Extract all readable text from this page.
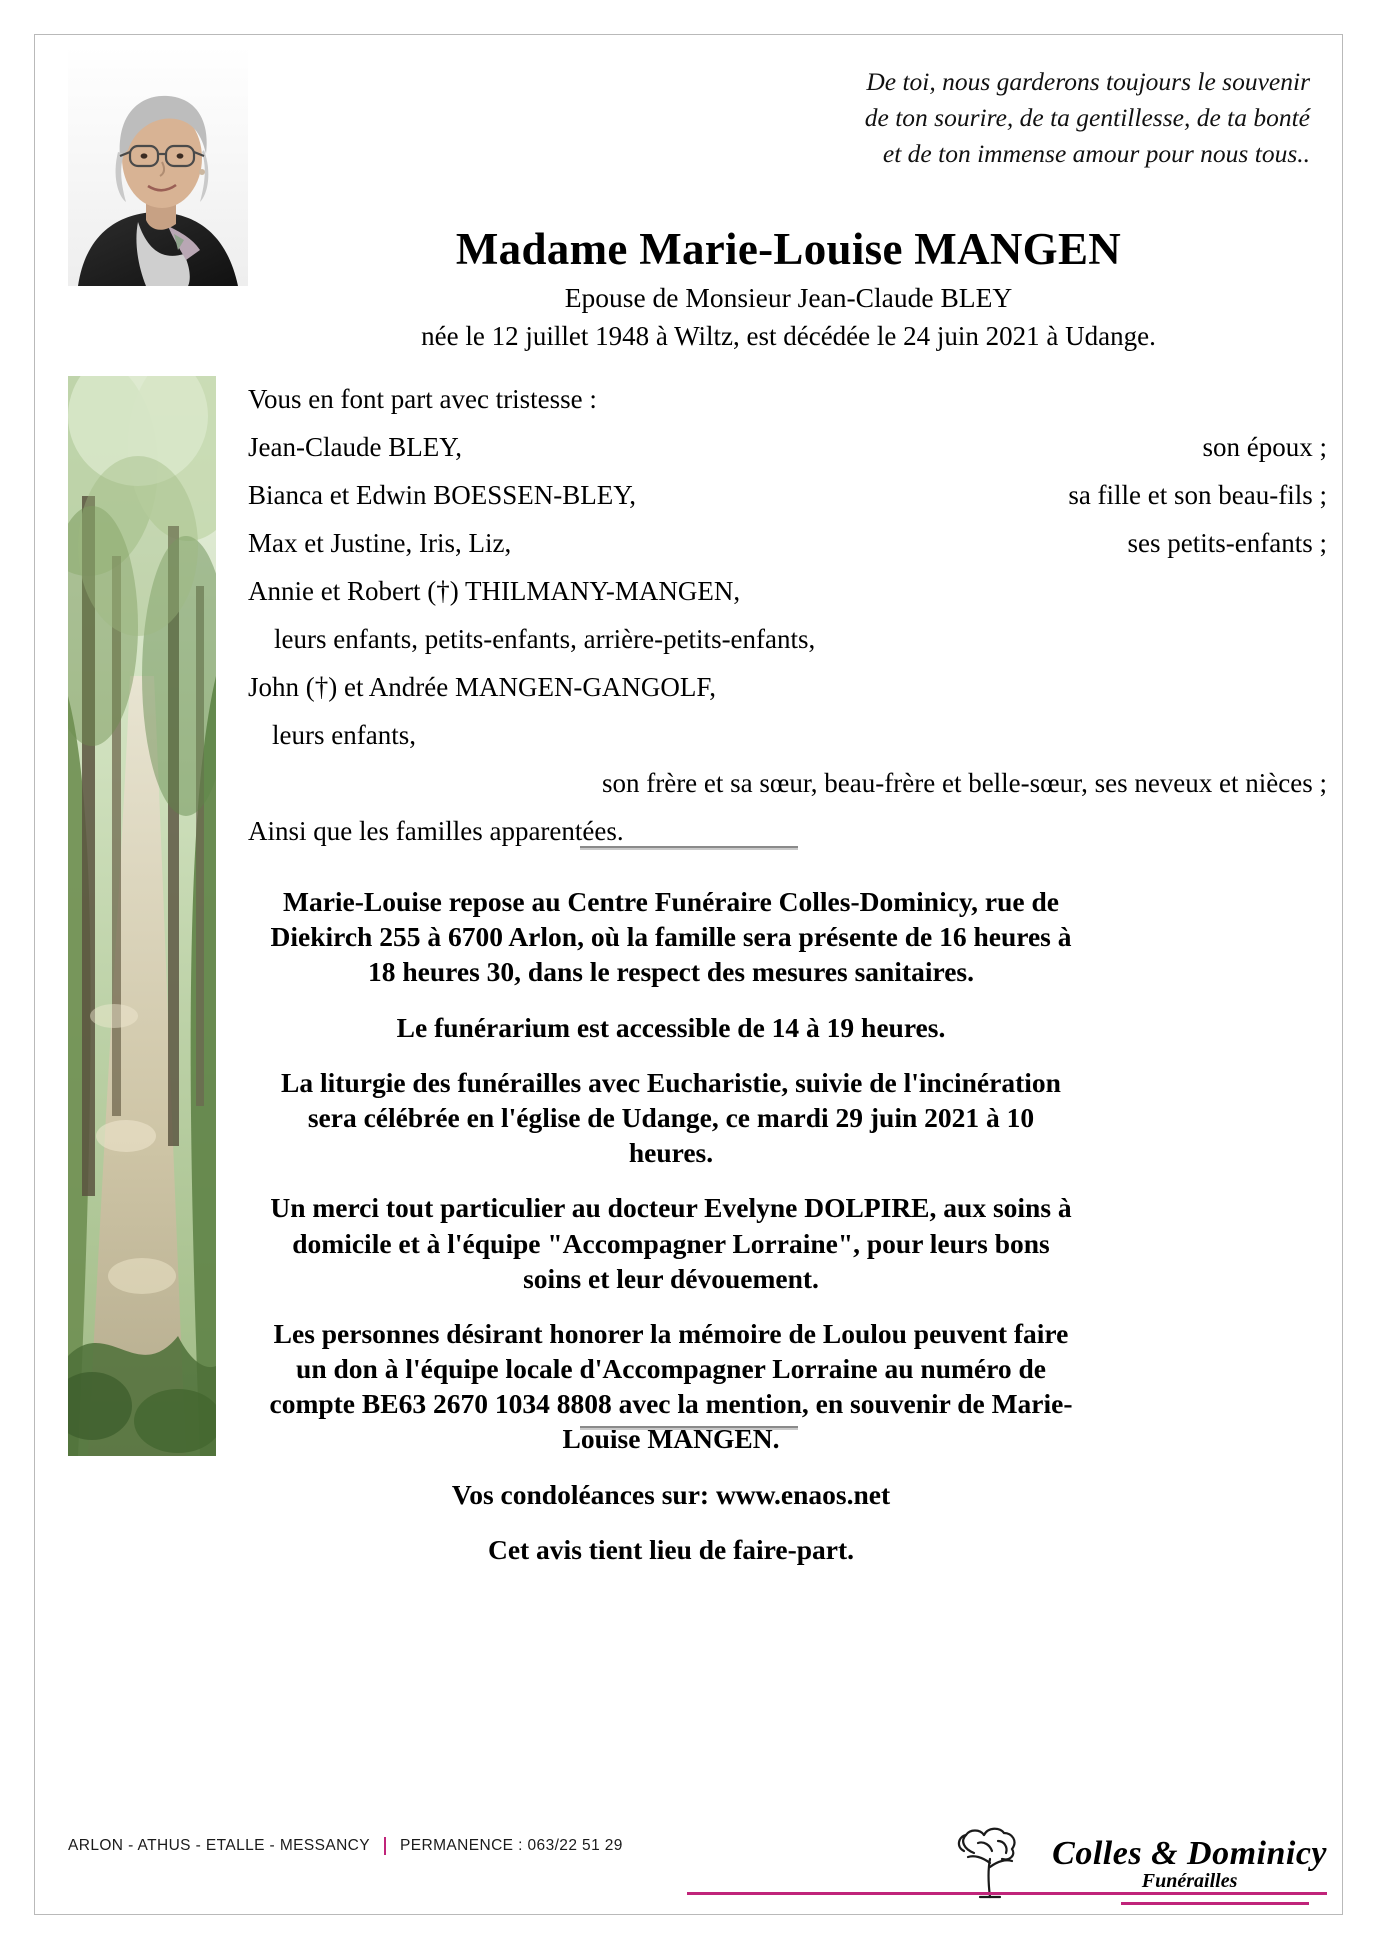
De toi, nous garderons toujours le souvenir
de ton sourire, de ta gentillesse, de ta bonté
et de ton immense amour pour nous tous..
Madame Marie-Louise MANGEN
Epouse de Monsieur Jean-Claude BLEY
née le 12 juillet 1948 à Wiltz, est décédée le 24 juin 2021 à Udange.
Vous en font part avec tristesse :
Jean-Claude BLEY,	son époux ;
Bianca et Edwin BOESSEN-BLEY,	sa fille et son beau-fils ;
Max et Justine, Iris, Liz,	ses petits-enfants ;
Annie et Robert (†) THILMANY-MANGEN,
leurs enfants, petits-enfants, arrière-petits-enfants,
John (†) et Andrée MANGEN-GANGOLF,
leurs enfants,
son frère et sa sœur, beau-frère et belle-sœur, ses neveux et nièces ;
Ainsi que les familles apparentées.

Marie-Louise repose au Centre Funéraire Colles-Dominicy, rue de Diekirch 255 à 6700 Arlon, où la famille sera présente de 16 heures à 18 heures 30, dans le respect des mesures sanitaires.

Le funérarium est accessible de 14 à 19 heures.

La liturgie des funérailles avec Eucharistie, suivie de l'incinération sera célébrée en l'église de Udange, ce mardi 29 juin 2021 à 10 heures.

Un merci tout particulier au docteur Evelyne DOLPIRE, aux soins à domicile et à l'équipe "Accompagner Lorraine", pour leurs bons soins et leur dévouement.

Les personnes désirant honorer la mémoire de Loulou peuvent faire un don à l'équipe locale d'Accompagner Lorraine au numéro de compte BE63 2670 1034 8808 avec la mention, en souvenir de Marie-Louise MANGEN.

Vos condoléances sur: www.enaos.net

Cet avis tient lieu de faire-part.

ARLON - ATHUS - ETALLE - MESSANCY PERMANENCE : 063/22 51 29	Colles & Dominicy
Funérailles
